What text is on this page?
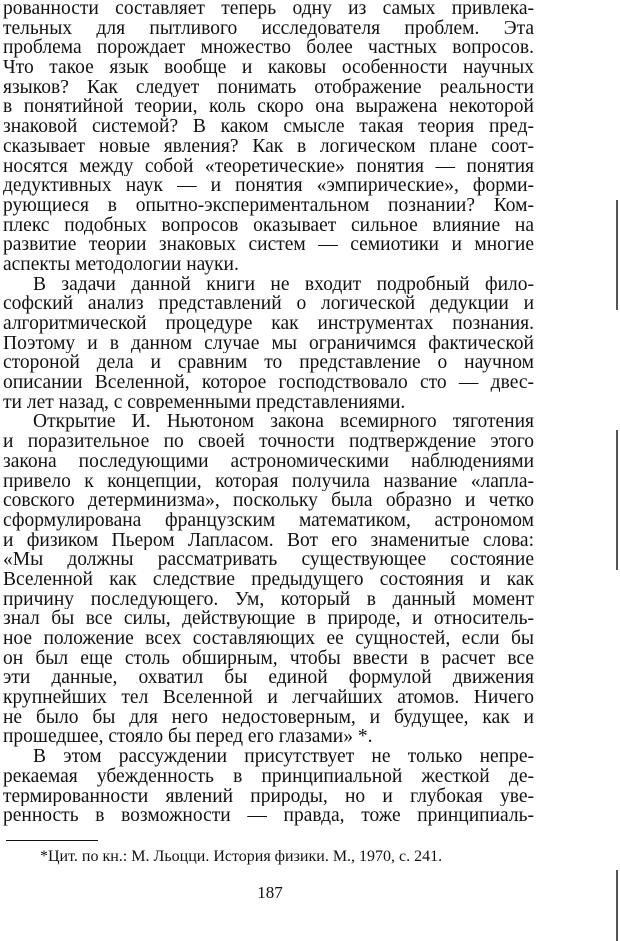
рованности составляет теперь одну из самых привлека-
тельных для пытливого исследователя проблем. Эта
проблема порождает множество более частных вопросов.
Что такое язык вообще и каковы особенности научных
языков? Как следует понимать отображение реальности
в понятийной теории, коль скоро она выражена некоторой
знаковой системой? В каком смысле такая теория пред-
сказывает новые явления? Как в логическом плане соот-
носятся между собой «теоретические» понятия — понятия
дедуктивных наук — и понятия «эмпирические», форми-
рующиеся в опытно-экспериментальном познании? Ком-
плекс подобных вопросов оказывает сильное влияние на
развитие теории знаковых систем — семиотики и многие
аспекты методологии науки.
В задачи данной книги не входит подробный фило-
софский анализ представлений о логической дедукции и
алгоритмической процедуре как инструментах познания.
Поэтому и в данном случае мы ограничимся фактической
стороной дела и сравним то представление о научном
описании Вселенной, которое господствовало сто — двес-
ти лет назад, с современными представлениями.
Открытие И. Ньютоном закона всемирного тяготения
и поразительное по своей точности подтверждение этого
закона последующими астрономическими наблюдениями
привело к концепции, которая получила название «лапла-
совского детерминизма», поскольку была образно и четко
сформулирована французским математиком, астрономом
и физиком Пьером Лапласом. Вот его знаменитые слова:
«Мы должны рассматривать существующее состояние
Вселенной как следствие предыдущего состояния и как
причину последующего. Ум, который в данный момент
знал бы все силы, действующие в природе, и относитель-
ное положение всех составляющих ее сущностей, если бы
он был еще столь обширным, чтобы ввести в расчет все
эти данные, охватил бы единой формулой движения
крупнейших тел Вселенной и легчайших атомов. Ничего
не было бы для него недостоверным, и будущее, как и
прошедшее, стояло бы перед его глазами» *.
В этом рассуждении присутствует не только непре-
рекаемая убежденность в принципиальной жесткой де-
термированности явлений природы, но и глубокая уве-
ренность в возможности — правда, тоже принципиаль-
*Цит. по кн.: М. Льоцци. История физики. М., 1970, с. 241.
187
